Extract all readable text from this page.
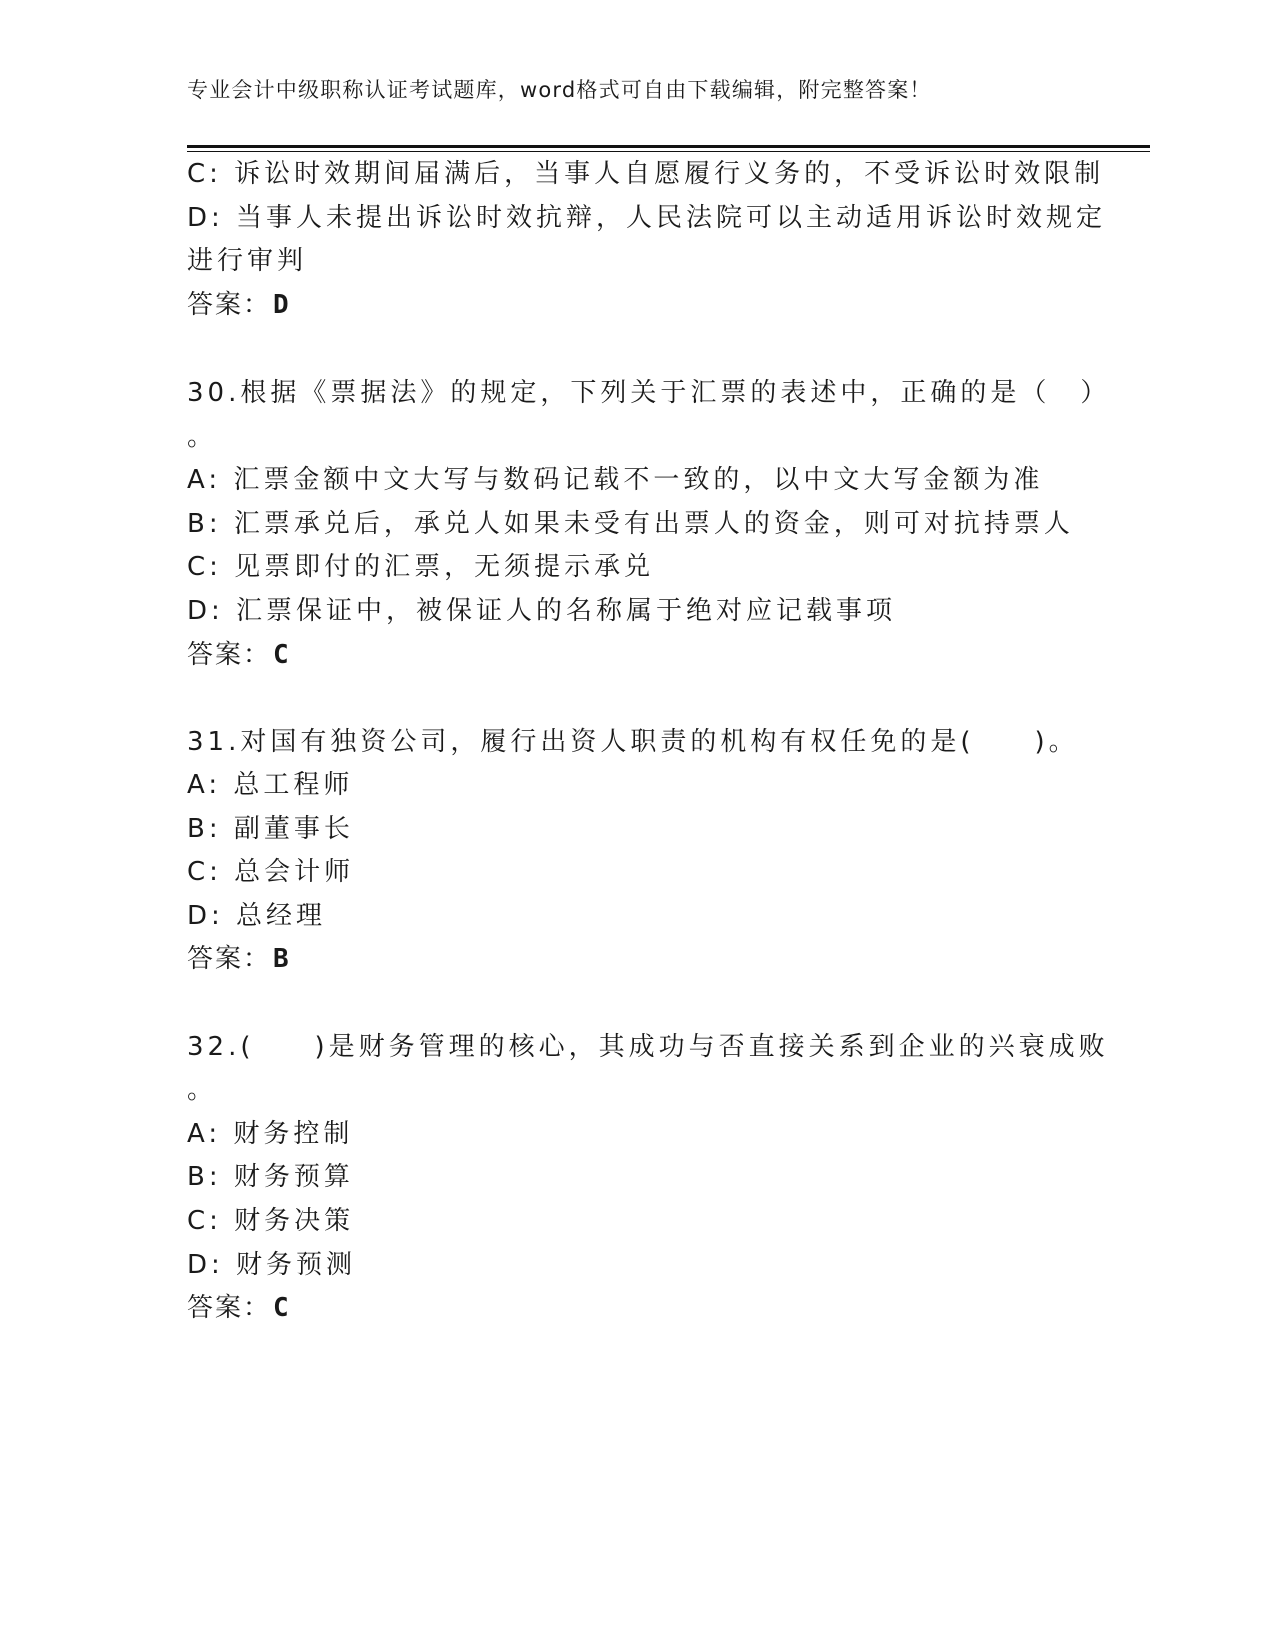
专业会计中级职称认证考试题库，word格式可自由下载编辑，附完整答案！
C: 诉讼时效期间届满后，当事人自愿履行义务的，不受诉讼时效限制
D: 当事人未提出诉讼时效抗辩，人民法院可以主动适用诉讼时效规定
进行审判
答案：D
30.根据《票据法》的规定，下列关于汇票的表述中，正确的是（　）
。
A: 汇票金额中文大写与数码记载不一致的，以中文大写金额为准
B: 汇票承兑后，承兑人如果未受有出票人的资金，则可对抗持票人
C: 见票即付的汇票，无须提示承兑
D: 汇票保证中，被保证人的名称属于绝对应记载事项
答案：C
31.对国有独资公司，履行出资人职责的机构有权任免的是(　　)。
A: 总工程师
B: 副董事长
C: 总会计师
D: 总经理
答案：B
32.(　　)是财务管理的核心，其成功与否直接关系到企业的兴衰成败
。
A: 财务控制
B: 财务预算
C: 财务决策
D: 财务预测
答案：C
